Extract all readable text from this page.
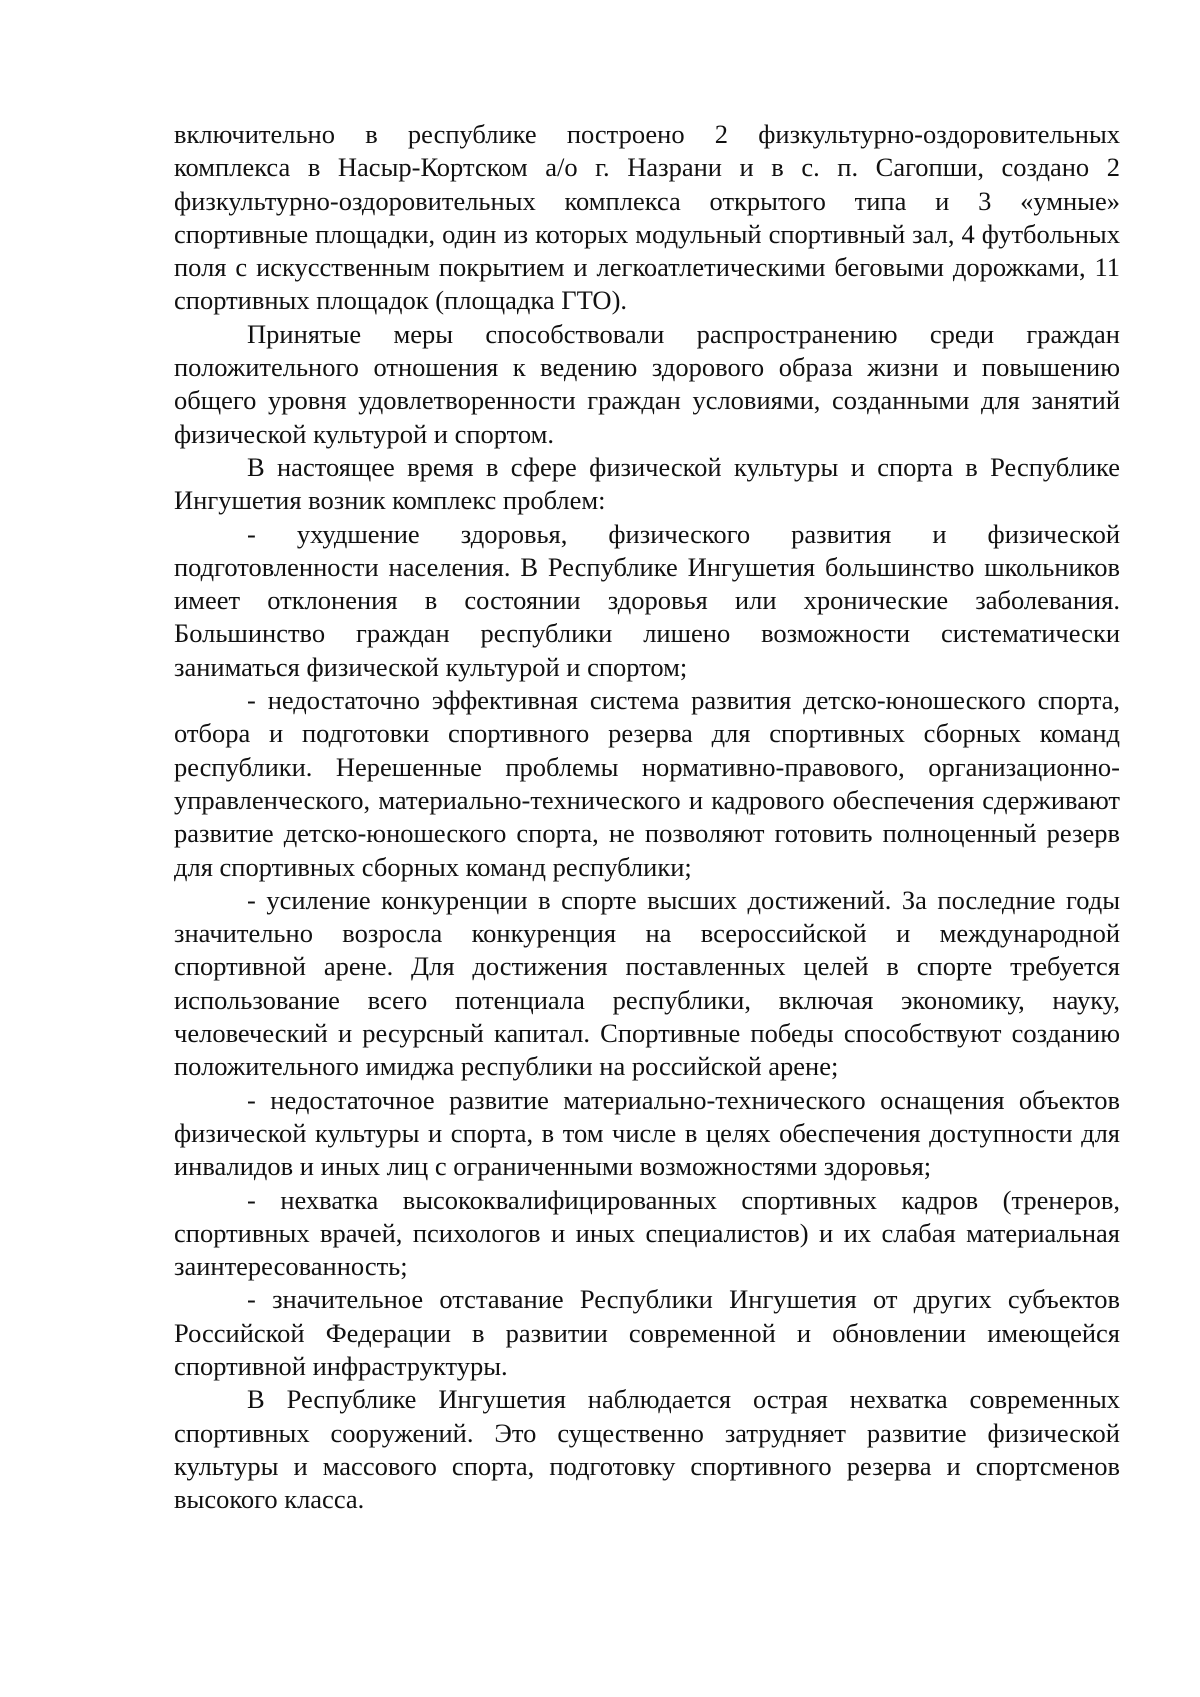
включительно в республике построено 2 физкультурно-оздоровительных комплекса в Насыр-Кортском а/о г. Назрани и в с. п. Сагопши, создано 2 физкультурно-оздоровительных комплекса открытого типа и 3 «умные» спортивные площадки, один из которых модульный спортивный зал, 4 футбольных поля с искусственным покрытием и легкоатлетическими беговыми дорожками, 11 спортивных площадок (площадка ГТО).

Принятые меры способствовали распространению среди граждан положительного отношения к ведению здорового образа жизни и повышению общего уровня удовлетворенности граждан условиями, созданными для занятий физической культурой и спортом.

В настоящее время в сфере физической культуры и спорта в Республике Ингушетия возник комплекс проблем:

- ухудшение здоровья, физического развития и физической подготовленности населения. В Республике Ингушетия большинство школьников имеет отклонения в состоянии здоровья или хронические заболевания. Большинство граждан республики лишено возможности систематически заниматься физической культурой и спортом;

- недостаточно эффективная система развития детско-юношеского спорта, отбора и подготовки спортивного резерва для спортивных сборных команд республики. Нерешенные проблемы нормативно-правового, организационно-управленческого, материально-технического и кадрового обеспечения сдерживают развитие детско-юношеского спорта, не позволяют готовить полноценный резерв для спортивных сборных команд республики;

- усиление конкуренции в спорте высших достижений. За последние годы значительно возросла конкуренция на всероссийской и международной спортивной арене. Для достижения поставленных целей в спорте требуется использование всего потенциала республики, включая экономику, науку, человеческий и ресурсный капитал. Спортивные победы способствуют созданию положительного имиджа республики на российской арене;

- недостаточное развитие материально-технического оснащения объектов физической культуры и спорта, в том числе в целях обеспечения доступности для инвалидов и иных лиц с ограниченными возможностями здоровья;

- нехватка высококвалифицированных спортивных кадров (тренеров, спортивных врачей, психологов и иных специалистов) и их слабая материальная заинтересованность;

- значительное отставание Республики Ингушетия от других субъектов Российской Федерации в развитии современной и обновлении имеющейся спортивной инфраструктуры.

В Республике Ингушетия наблюдается острая нехватка современных спортивных сооружений. Это существенно затрудняет развитие физической культуры и массового спорта, подготовку спортивного резерва и спортсменов высокого класса.
